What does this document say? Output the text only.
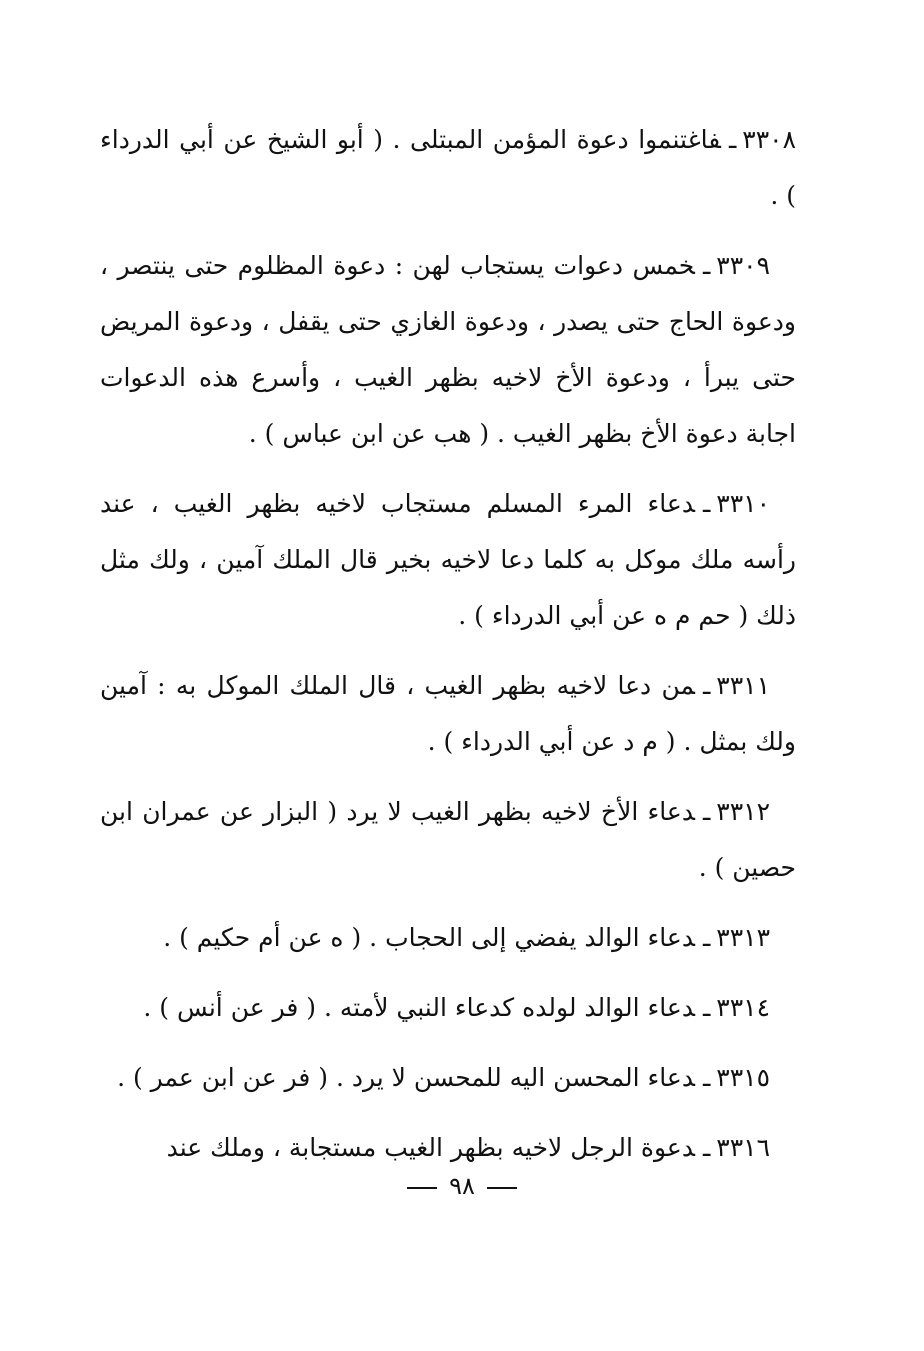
٣٣٠٨ـفاغتنموا دعوة المؤمن المبتلى . ( أبو الشيخ عن أبي الدرداء ) .

٣٣٠٩ـخمس دعوات يستجاب لهن : دعوة المظلوم حتى ينتصر ، ودعوة الحاج حتى يصدر ، ودعوة الغازي حتى يقفل ، ودعوة المريض حتى يبرأ ، ودعوة الأخ لاخيه بظهر الغيب ، وأسرع هذه الدعوات اجابة دعوة الأخ بظهر الغيب . ( هب عن ابن عباس ) .

٣٣١٠ـدعاء المرء المسلم مستجاب لاخيه بظهر الغيب ، عند رأسه ملك موكل به كلما دعا لاخيه بخير قال الملك آمين ، ولك مثل ذلك ( حم م ه عن أبي الدرداء ) .

٣٣١١ـمن دعا لاخيه بظهر الغيب ، قال الملك الموكل به : آمين ولك بمثل . ( م د عن أبي الدرداء ) .

٣٣١٢ـدعاء الأخ لاخيه بظهر الغيب لا يرد ( البزار عن عمران ابن حصين ) .

٣٣١٣ـدعاء الوالد يفضي إلى الحجاب . ( ه عن أم حكيم ) .

٣٣١٤ـدعاء الوالد لولده كدعاء النبي لأمته . ( فر عن أنس ) .

٣٣١٥ـدعاء المحسن اليه للمحسن لا يرد . ( فر عن ابن عمر ) .

٣٣١٦ـدعوة الرجل لاخيه بظهر الغيب مستجابة ، وملك عند

٩٨
